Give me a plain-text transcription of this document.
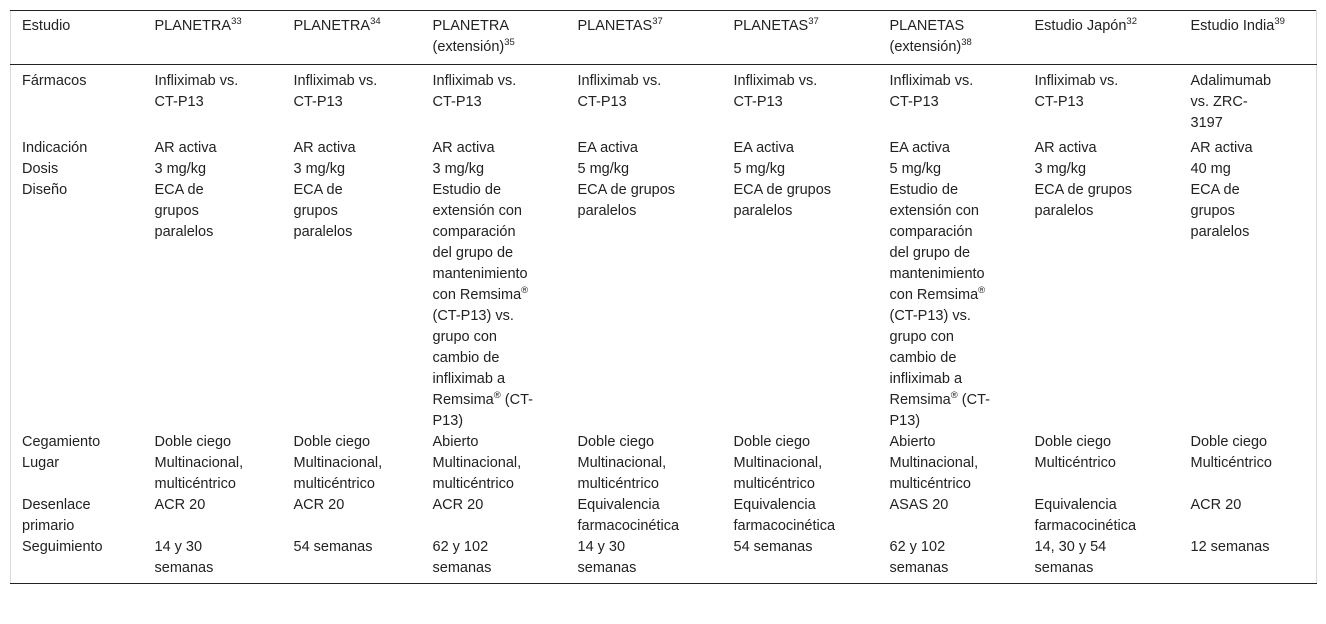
Estudio	PLANETRA$^{33}$	PLANETRA$^{34}$	PLANETRA (extensión)$^{35}$	PLANETAS$^{37}$	PLANETAS$^{37}$	PLANETAS (extensión)$^{38}$	Estudio Japón$^{32}$	Estudio India$^{39}$
Fármacos	Infliximab vs. CT-P13	Infliximab vs. CT-P13	Infliximab vs. CT-P13	Infliximab vs. CT-P13	Infliximab vs. CT-P13	Infliximab vs. CT-P13	Infliximab vs. CT-P13	Adalimumab vs. ZRC-3197
Indicación	AR activa	AR activa	AR activa	EA activa	EA activa	EA activa	AR activa	AR activa
Dosis	3 mg/kg	3 mg/kg	3 mg/kg	5 mg/kg	5 mg/kg	5 mg/kg	3 mg/kg	40 mg
Diseño	ECA de grupos paralelos	ECA de grupos paralelos	Estudio de extensión con comparación del grupo de mantenimiento con Remsima® (CT-P13) vs. grupo con cambio de infliximab a Remsima® (CT-P13)	ECA de grupos paralelos	ECA de grupos paralelos	Estudio de extensión con comparación del grupo de mantenimiento con Remsima® (CT-P13) vs. grupo con cambio de infliximab a Remsima® (CT-P13)	ECA de grupos paralelos	ECA de grupos paralelos
Cegamiento	Doble ciego	Doble ciego	Abierto	Doble ciego	Doble ciego	Abierto	Doble ciego	Doble ciego
Lugar	Multinacional, multicéntrico	Multinacional, multicéntrico	Multinacional, multicéntrico	Multinacional, multicéntrico	Multinacional, multicéntrico	Multinacional, multicéntrico	Multicéntrico	Multicéntrico
Desenlace primario	ACR 20	ACR 20	ACR 20	Equivalencia farmacocinética	Equivalencia farmacocinética	ASAS 20	Equivalencia farmacocinética	ACR 20
Seguimiento	14 y 30 semanas	54 semanas	62 y 102 semanas	14 y 30 semanas	54 semanas	62 y 102 semanas	14, 30 y 54 semanas	12 semanas
